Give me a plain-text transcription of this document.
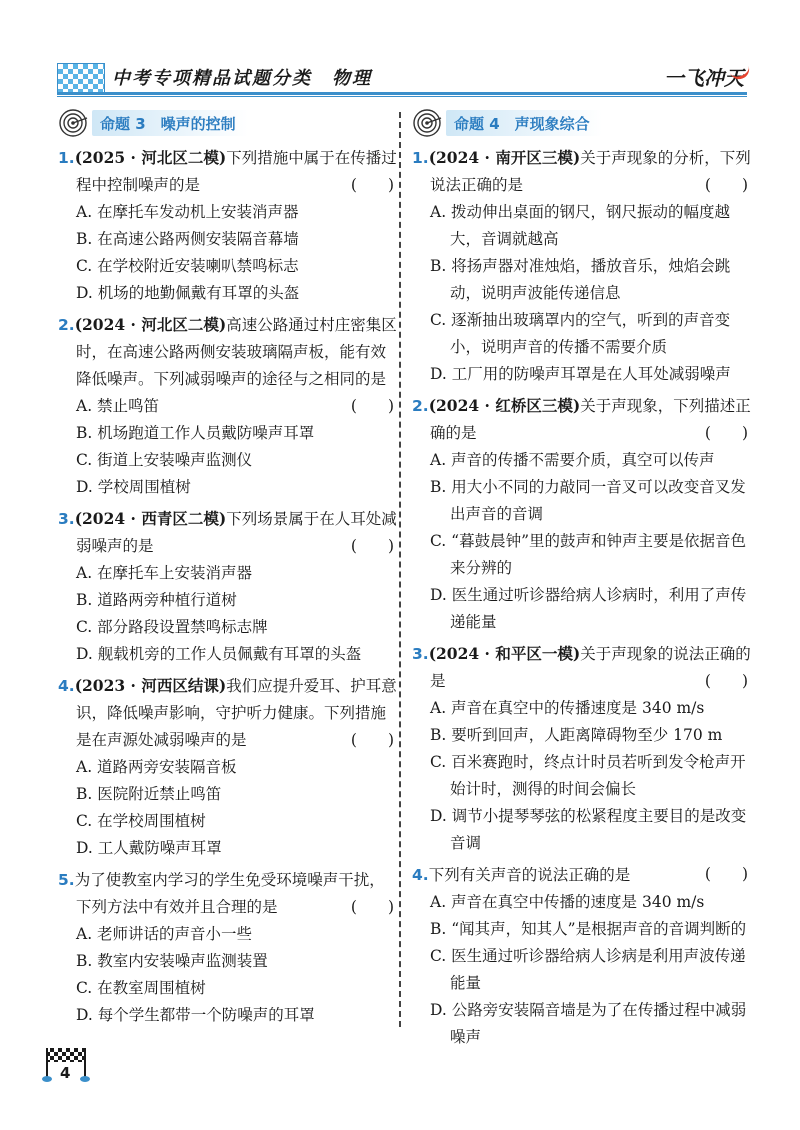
中考专项精品试题分类　物理	一飞冲天
命题 3　噪声的控制
1.(2025 · 河北区二模)下列措施中属于在传播过程中控制噪声的是	(　　)
A. 在摩托车发动机上安装消声器
B. 在高速公路两侧安装隔音幕墙
C. 在学校附近安装喇叭禁鸣标志
D. 机场的地勤佩戴有耳罩的头盔
2.(2024 · 河北区二模)高速公路通过村庄密集区时，在高速公路两侧安装玻璃隔声板，能有效降低噪声。下列减弱噪声的途径与之相同的是
(　　)
A. 禁止鸣笛
B. 机场跑道工作人员戴防噪声耳罩
C. 街道上安装噪声监测仪
D. 学校周围植树
3.(2024 · 西青区二模)下列场景属于在人耳处减弱噪声的是	(　　)
A. 在摩托车上安装消声器
B. 道路两旁种植行道树
C. 部分路段设置禁鸣标志牌
D. 舰载机旁的工作人员佩戴有耳罩的头盔
4.(2023 · 河西区结课)我们应提升爱耳、护耳意识，降低噪声影响，守护听力健康。下列措施是在声源处减弱噪声的是	(　　)
A. 道路两旁安装隔音板
B. 医院附近禁止鸣笛
C. 在学校周围植树
D. 工人戴防噪声耳罩
5.为了使教室内学习的学生免受环境噪声干扰，下列方法中有效并且合理的是	(　　)
A. 老师讲话的声音小一些
B. 教室内安装噪声监测装置
C. 在教室周围植树
D. 每个学生都带一个防噪声的耳罩
命题 4　声现象综合
1.(2024 · 南开区三模)关于声现象的分析，下列说法正确的是	(　　)
A. 拨动伸出桌面的钢尺，钢尺振动的幅度越大，音调就越高
B. 将扬声器对准烛焰，播放音乐，烛焰会跳动，说明声波能传递信息
C. 逐渐抽出玻璃罩内的空气，听到的声音变小，说明声音的传播不需要介质
D. 工厂用的防噪声耳罩是在人耳处减弱噪声
2.(2024 · 红桥区三模)关于声现象，下列描述正确的是	(　　)
A. 声音的传播不需要介质，真空可以传声
B. 用大小不同的力敲同一音叉可以改变音叉发出声音的音调
C. “暮鼓晨钟”里的鼓声和钟声主要是依据音色来分辨的
D. 医生通过听诊器给病人诊病时，利用了声传递能量
3.(2024 · 和平区一模)关于声现象的说法正确的是	(　　)
A. 声音在真空中的传播速度是 340 m/s
B. 要听到回声，人距离障碍物至少 170 m
C. 百米赛跑时，终点计时员若听到发令枪声开始计时，测得的时间会偏长
D. 调节小提琴琴弦的松紧程度主要目的是改变音调
4.下列有关声音的说法正确的是	(　　)
A. 声音在真空中传播的速度是 340 m/s
B. “闻其声，知其人”是根据声音的音调判断的
C. 医生通过听诊器给病人诊病是利用声波传递能量
D. 公路旁安装隔音墙是为了在传播过程中减弱噪声
4
